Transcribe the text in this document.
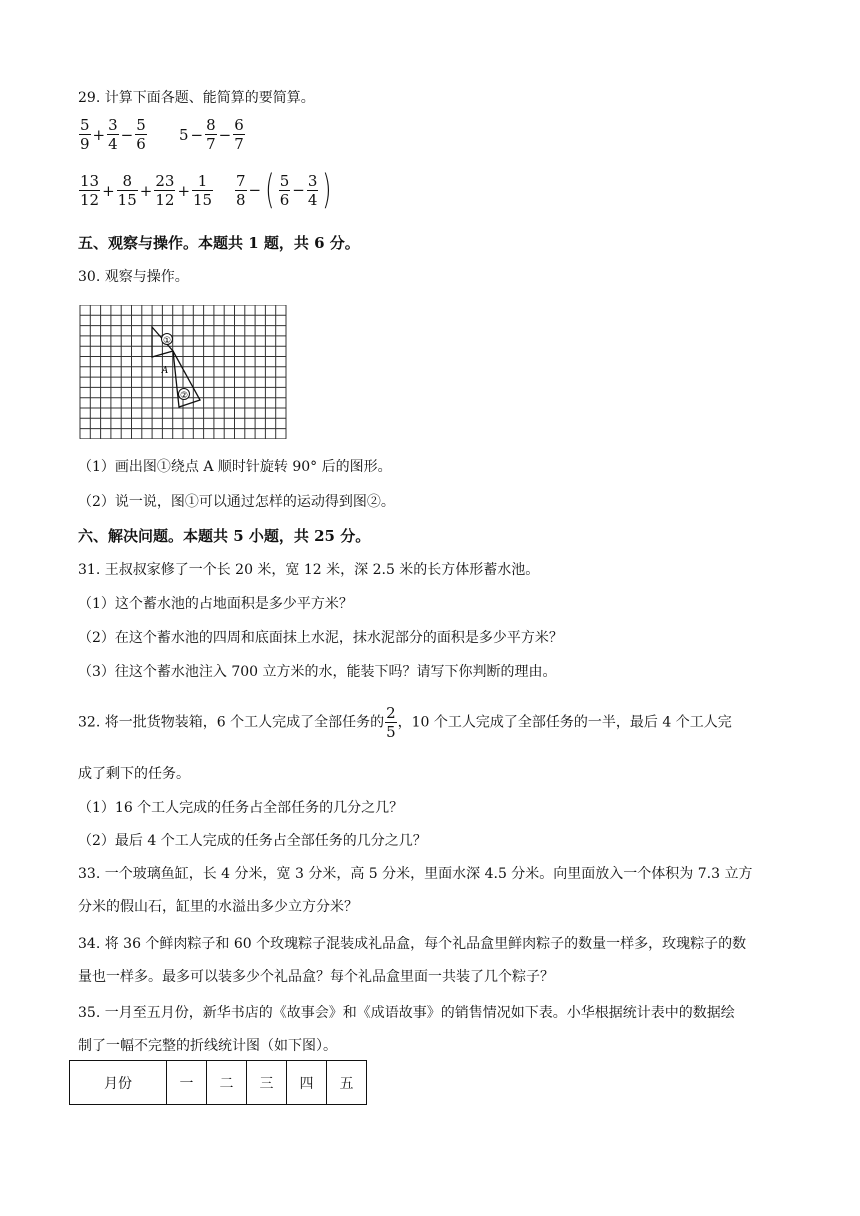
29. 计算下面各题、能简算的要简算。
$\frac{5}{9} + \frac{3}{4} - \frac{5}{6} 5 - \frac{8}{7} - \frac{6}{7}$
$\frac{13}{12} + \frac{8}{15} + \frac{23}{12} + \frac{1}{15} \frac{7}{8}$ − ( $\frac{5}{6} - \frac{3}{4}$ )
五、观察与操作。本题共 1 题，共 6 分。
30. 观察与操作。
①
A
②
（1）画出图①绕点 A 顺时针旋转 90° 后的图形。
（2）说一说，图①可以通过怎样的运动得到图②。
六、解决问题。本题共 5 小题，共 25 分。
31. 王叔叔家修了一个长 20 米，宽 12 米，深 2.5 米的长方体形蓄水池。
（1）这个蓄水池的占地面积是多少平方米？
（2）在这个蓄水池的四周和底面抹上水泥，抹水泥部分的面积是多少平方米？
（3）往这个蓄水池注入 700 立方米的水，能装下吗？请写下你判断的理由。
32. 将一批货物装箱，6 个工人完成了全部任务的 $\frac{2}{5}$ ，10 个工人完成了全部任务的一半，最后 4 个工人完
成了剩下的任务。
（1）16 个工人完成的任务占全部任务的几分之几？
（2）最后 4 个工人完成的任务占全部任务的几分之几？
33. 一个玻璃鱼缸，长 4 分米，宽 3 分米，高 5 分米，里面水深 4.5 分米。向里面放入一个体积为 7.3 立方
分米的假山石，缸里的水溢出多少立方分米？
34. 将 36 个鲜肉粽子和 60 个玫瑰粽子混装成礼品盒，每个礼品盒里鲜肉粽子的数量一样多，玫瑰粽子的数
量也一样多。最多可以装多少个礼品盒？每个礼品盒里面一共装了几个粽子？
35. 一月至五月份，新华书店的《故事会》和《成语故事》的销售情况如下表。小华根据统计表中的数据绘
制了一幅不完整的折线统计图（如下图）。
月份	一	二	三	四	五
